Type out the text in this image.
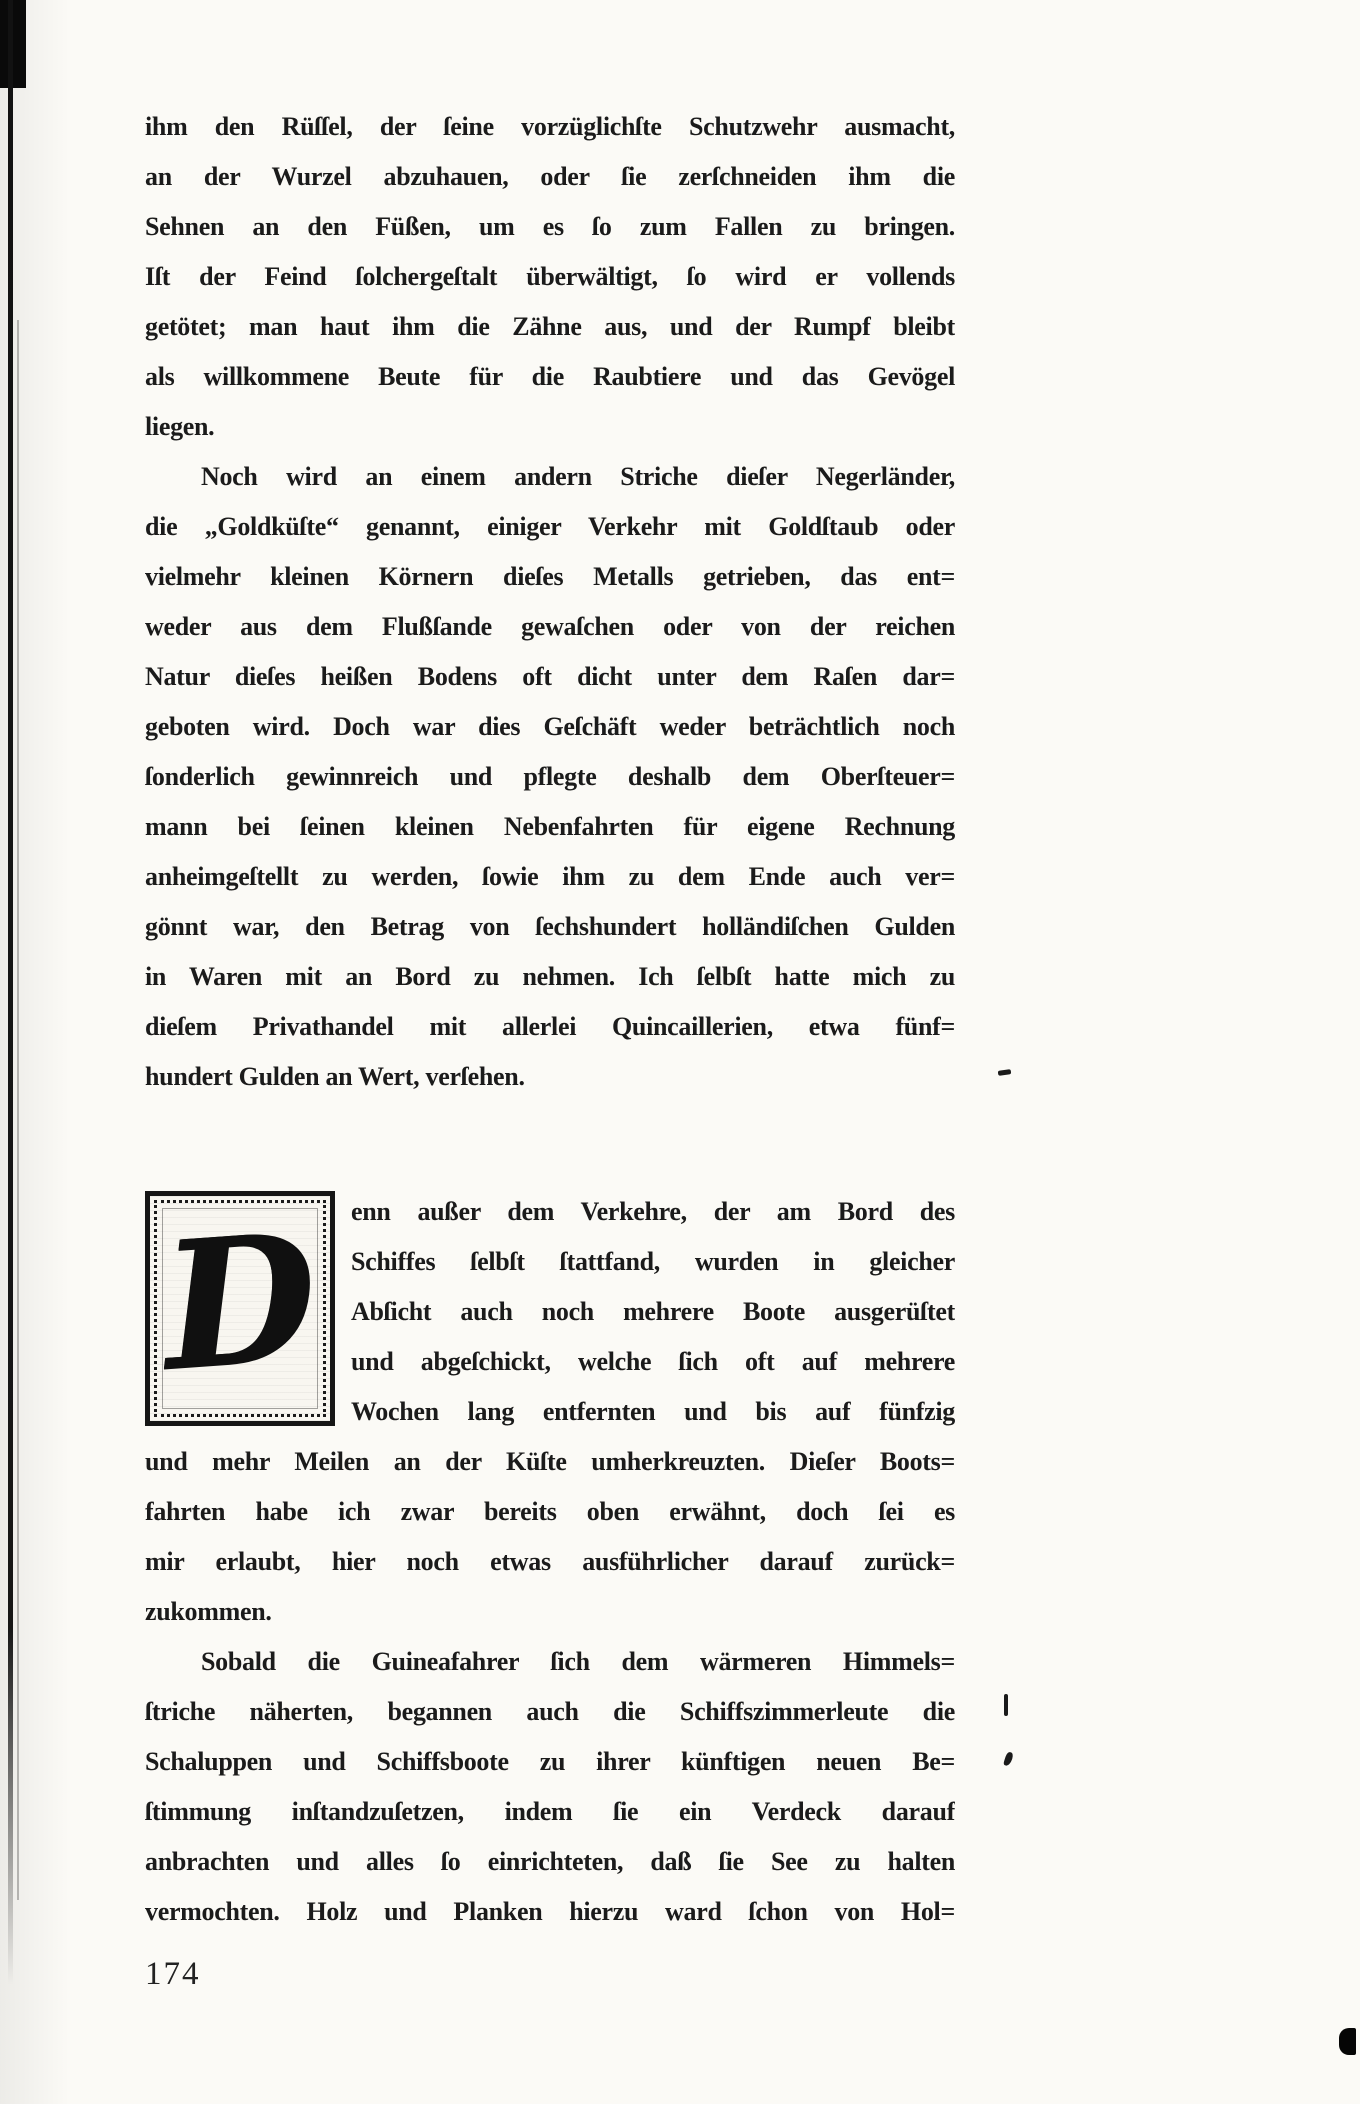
ihm den Rüſſel, der ſeine vorzüglichſte Schutzwehr ausmacht,
an der Wurzel abzuhauen, oder ſie zerſchneiden ihm die
Sehnen an den Füßen, um es ſo zum Fallen zu bringen.
Iſt der Feind ſolchergeſtalt überwältigt, ſo wird er vollends
getötet; man haut ihm die Zähne aus, und der Rumpf bleibt
als willkommene Beute für die Raubtiere und das Gevögel
liegen.
Noch wird an einem andern Striche dieſer Negerländer,
die „Goldküſte“ genannt, einiger Verkehr mit Goldſtaub oder
vielmehr kleinen Körnern dieſes Metalls getrieben, das ent=
weder aus dem Flußſande gewaſchen oder von der reichen
Natur dieſes heißen Bodens oft dicht unter dem Raſen dar=
geboten wird. Doch war dies Geſchäft weder beträchtlich noch
ſonderlich gewinnreich und pflegte deshalb dem Oberſteuer=
mann bei ſeinen kleinen Nebenfahrten für eigene Rechnung
anheimgeſtellt zu werden, ſowie ihm zu dem Ende auch ver=
gönnt war, den Betrag von ſechshundert holländiſchen Gulden
in Waren mit an Bord zu nehmen. Ich ſelbſt hatte mich zu
dieſem Privathandel mit allerlei Quincaillerien, etwa fünf=
hundert Gulden an Wert, verſehen.
D enn außer dem Verkehre, der am Bord des
Schiffes ſelbſt ſtattfand, wurden in gleicher
Abſicht auch noch mehrere Boote ausgerüſtet
und abgeſchickt, welche ſich oft auf mehrere
Wochen lang entfernten und bis auf fünfzig
und mehr Meilen an der Küſte umherkreuzten. Dieſer Boots=
fahrten habe ich zwar bereits oben erwähnt, doch ſei es
mir erlaubt, hier noch etwas ausführlicher darauf zurück=
zukommen.
Sobald die Guineafahrer ſich dem wärmeren Himmels=
ſtriche näherten, begannen auch die Schiffszimmerleute die
Schaluppen und Schiffsboote zu ihrer künftigen neuen Be=
ſtimmung inſtandzuſetzen, indem ſie ein Verdeck darauf
anbrachten und alles ſo einrichteten, daß ſie See zu halten
vermochten. Holz und Planken hierzu ward ſchon von Hol=
174
